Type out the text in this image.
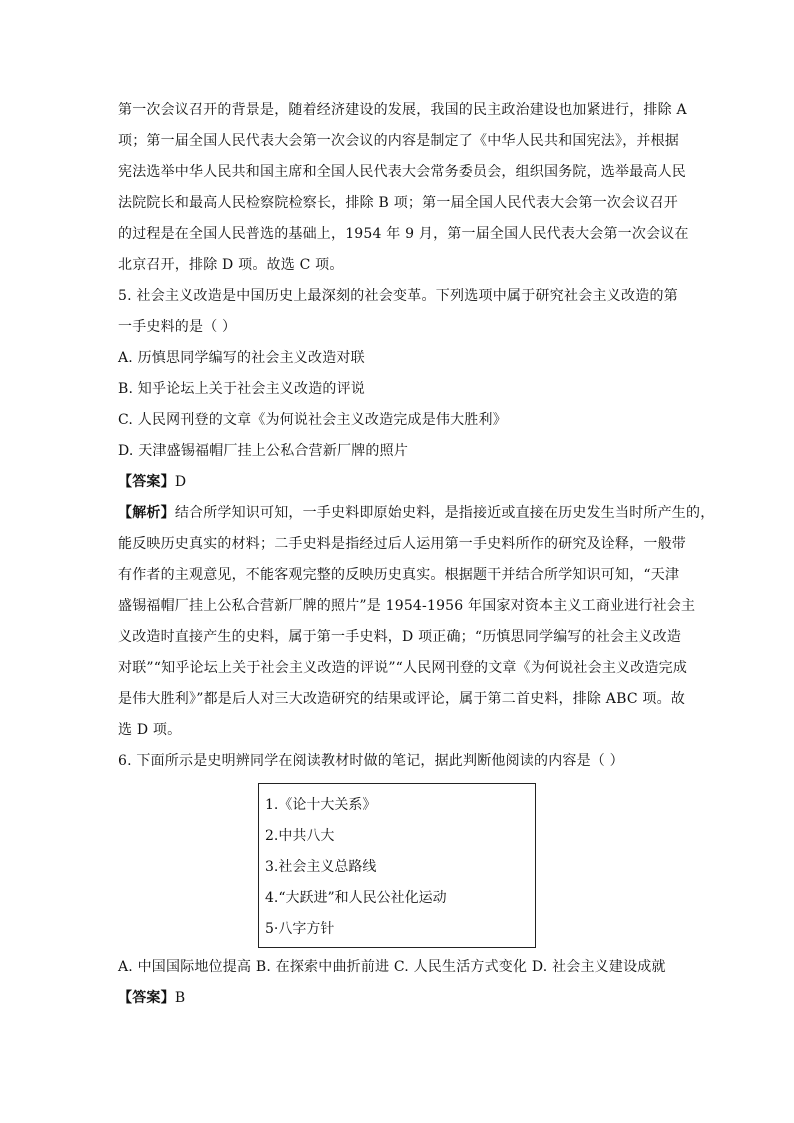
第一次会议召开的背景是，随着经济建设的发展，我国的民主政治建设也加紧进行，排除 A
项；第一届全国人民代表大会第一次会议的内容是制定了《中华人民共和国宪法》，并根据
宪法选举中华人民共和国主席和全国人民代表大会常务委员会，组织国务院，选举最高人民
法院院长和最高人民检察院检察长，排除 B 项；第一届全国人民代表大会第一次会议召开
的过程是在全国人民普选的基础上，1954 年 9 月，第一届全国人民代表大会第一次会议在
北京召开，排除 D 项。故选 C 项。
5. 社会主义改造是中国历史上最深刻的社会变革。下列选项中属于研究社会主义改造的第
一手史料的是（ ）
A. 历慎思同学编写的社会主义改造对联
B. 知乎论坛上关于社会主义改造的评说
C. 人民网刊登的文章《为何说社会主义改造完成是伟大胜利》
D. 天津盛锡福帽厂挂上公私合营新厂牌的照片
【答案】D
【解析】结合所学知识可知，一手史料即原始史料，是指接近或直接在历史发生当时所产生的，
能反映历史真实的材料；二手史料是指经过后人运用第一手史料所作的研究及诠释，一般带
有作者的主观意见，不能客观完整的反映历史真实。根据题干并结合所学知识可知，“天津
盛锡福帽厂挂上公私合营新厂牌的照片”是 1954-1956 年国家对资本主义工商业进行社会主
义改造时直接产生的史料，属于第一手史料，D 项正确；“历慎思同学编写的社会主义改造
对联”“知乎论坛上关于社会主义改造的评说”“人民网刊登的文章《为何说社会主义改造完成
是伟大胜利》”都是后人对三大改造研究的结果或评论，属于第二首史料，排除 ABC 项。故
选 D 项。
6. 下面所示是史明辨同学在阅读教材时做的笔记，据此判断他阅读的内容是（ ）
1.《论十大关系》
2.中共八大
3.社会主义总路线
4.“大跃进”和人民公社化运动
5·八字方针
A. 中国国际地位提高 B. 在探索中曲折前进 C. 人民生活方式变化 D. 社会主义建设成就
【答案】B
